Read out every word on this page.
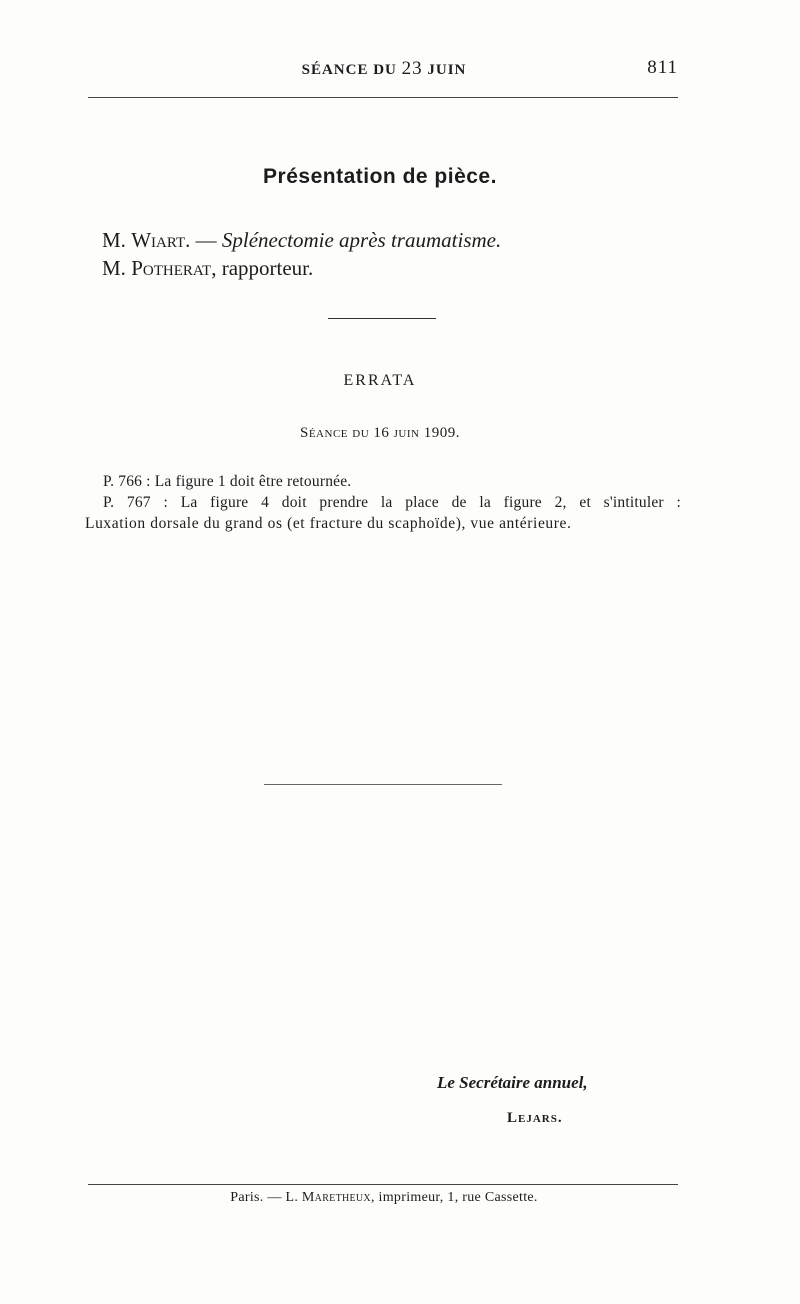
SÉANCE DU 23 JUIN	811
Présentation de pièce.
M. Wiart. — Splénectomie après traumatisme.
M. Potherat, rapporteur.
ERRATA
Séance du 16 juin 1909.
P. 766 : La figure 1 doit être retournée.
P. 767 : La figure 4 doit prendre la place de la figure 2, et s'intituler :
Luxation dorsale du grand os (et fracture du scaphoïde), vue antérieure.
Le Secrétaire annuel,
Lejars.
Paris. — L. Maretheux, imprimeur, 1, rue Cassette.
